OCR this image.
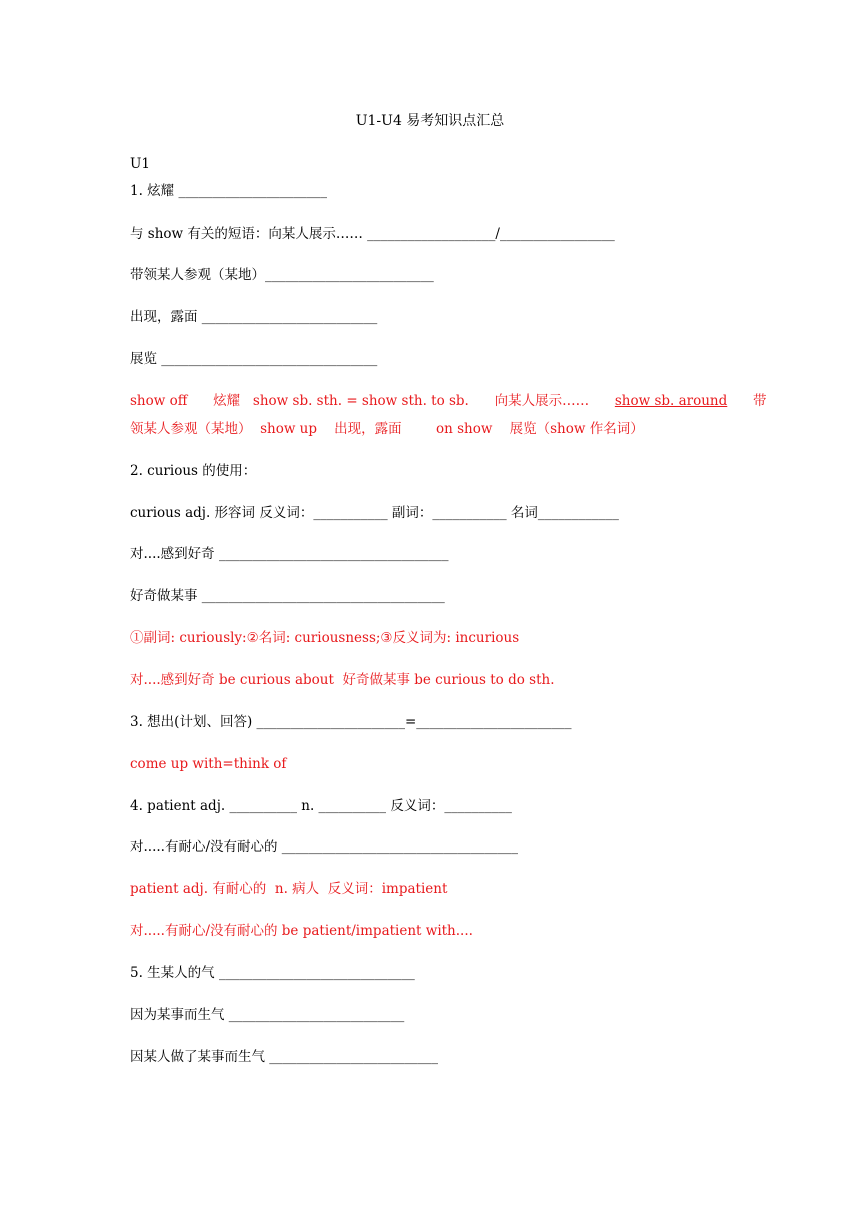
U1-U4 易考知识点汇总

U1

1. 炫耀 ______________________

与 show 有关的短语：向某人展示…… ___________________/_________________

带领某人参观（某地）_________________________

出现，露面 __________________________

展览 ________________________________

show off      炫耀   show sb. sth. = show sth. to sb.      向某人展示……      show sb. around      带

领某人参观（某地）  show up    出现，露面        on show    展览（show 作名词）

2. curious 的使用：

curious adj. 形容词 反义词：___________ 副词：___________ 名词____________

对....感到好奇 __________________________________

好奇做某事 ____________________________________

①副词: curiously:②名词: curiousness;③反义词为: incurious

对....感到好奇 be curious about  好奇做某事 be curious to do sth.

3. 想出(计划、回答) ______________________=_______________________

come up with=think of

4. patient adj. __________ n. __________ 反义词：__________

对.....有耐心/没有耐心的 ___________________________________

patient adj. 有耐心的  n. 病人  反义词：impatient

对.....有耐心/没有耐心的 be patient/impatient with....

5. 生某人的气 _____________________________

因为某事而生气 __________________________

因某人做了某事而生气 _________________________
